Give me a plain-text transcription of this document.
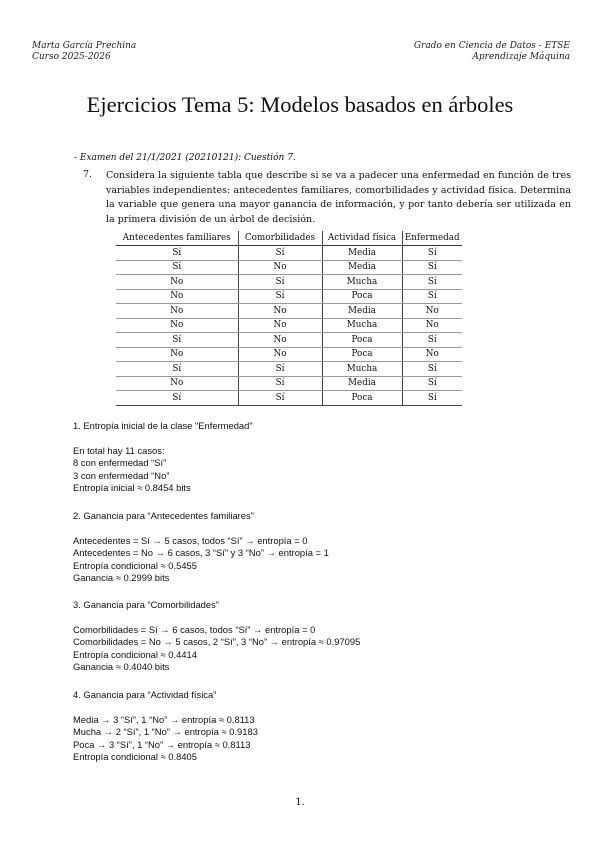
Marta García Prechina
Curso 2025-2026
Grado en Ciencia de Datos - ETSE
Aprendizaje Máquina
Ejercicios Tema 5: Modelos basados en árboles
- Examen del 21/1/2021 (20210121): Cuestión 7.
7. Considera la siguiente tabla que describe si se va a padecer una enfermedad en función de tres variables independientes: antecedentes familiares, comorbilidades y actividad física. Determina la variable que genera una mayor ganancia de información, y por tanto debería ser utilizada en la primera división de un árbol de decisión.
Antecedentes familiares	Comorbilidades	Actividad física	Enfermedad
Sí	Sí	Media	Sí
Sí	No	Media	Sí
No	Sí	Mucha	Sí
No	Sí	Poca	Sí
No	No	Media	No
No	No	Mucha	No
Sí	No	Poca	Sí
No	No	Poca	No
Sí	Sí	Mucha	Sí
No	Sí	Media	Sí
Sí	Sí	Poca	Sí
1. Entropía inicial de la clase "Enfermedad"
En total hay 11 casos:
8 con enfermedad “Sí”
3 con enfermedad “No”
Entropía inicial ≈ 0.8454 bits
2. Ganancia para “Antecedentes familiares”
Antecedentes = Sí → 5 casos, todos “Sí” → entropía = 0
Antecedentes = No → 6 casos, 3 “Sí” y 3 “No” → entropía = 1
Entropía condicional ≈ 0.5455
Ganancia ≈ 0.2999 bits
3. Ganancia para “Comorbilidades”
Comorbilidades = Sí → 6 casos, todos “Sí” → entropía = 0
Comorbilidades = No → 5 casos, 2 “Sí”, 3 “No” → entropía ≈ 0.97095
Entropía condicional ≈ 0.4414
Ganancia ≈ 0.4040 bits
4. Ganancia para “Actividad física”
Media → 3 “Sí”, 1 “No” → entropía ≈ 0.8113
Mucha → 2 “Sí”, 1 “No” → entropía ≈ 0.9183
Poca → 3 “Sí”, 1 “No” → entropía ≈ 0.8113
Entropía condicional ≈ 0.8405
1.
